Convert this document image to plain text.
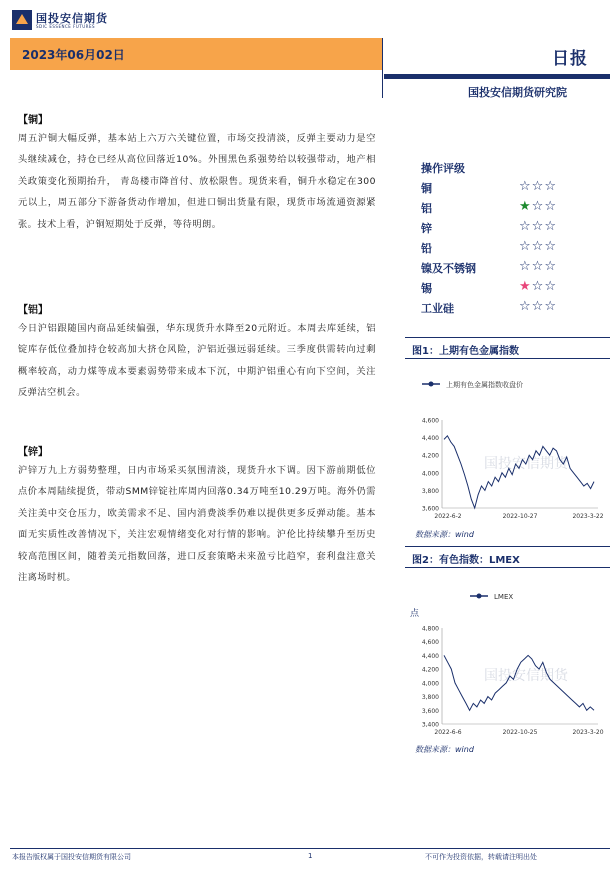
国投安信期货
SDIC ESSENCE FUTURES
2023年06月02日	日报
国投安信期货研究院
【铜】
周五沪铜大幅反弹，基本站上六万六关键位置，市场交投清淡，反弹主要动力是空头继续减仓，持仓已经从高位回落近10%。外围黑色系强势给以较强带动，地产相关政策变化预期抬升， 青岛楼市降首付、放松限售。现货来看，铜升水稳定在300元以上，周五部分下游备货动作增加，但进口铜出货量有限，现货市场流通资源紧张。技术上看，沪铜短期处于反弹，等待明朗。
【铝】
今日沪铝跟随国内商品延续偏强，华东现货升水降至20元附近。本周去库延续，铝锭库存低位叠加持仓较高加大挤仓风险，沪铝近强远弱延续。三季度供需转向过剩概率较高，动力煤等成本要素弱势带来成本下沉，中期沪铝重心有向下空间，关注反弹沽空机会。
【锌】
沪锌万九上方弱势整理，日内市场采买氛围清淡，现货升水下调。因下游前期低位点价本周陆续提货，带动SMM锌锭社库周内回落0.34万吨至10.29万吨。海外仍需关注美中交仓压力，欧美需求不足、国内消费淡季仍难以提供更多反弹动能。基本面无实质性改善情况下，关注宏观情绪变化对行情的影响。沪伦比持续攀升至历史较高范围区间，随着美元指数回落，进口反套策略未来盈亏比趋窄，套利盘注意关注离场时机。
操作评级
铜	☆☆☆
铝	★☆☆
锌	☆☆☆
铅	☆☆☆
镍及不锈钢	☆☆☆
锡	★☆☆
工业硅	☆☆☆
图1：上期有色金属指数
上期有色金属指数收盘价
4,600
4,400
4,200
4,000
3,800
3,600
2022-6-2	2022-10-27	2023-3-22
国投安信期货
数据来源：wind
图2：有色指数：LMEX
LMEX
点
4,800
4,600
4,400
4,200
4,000
3,800
3,600
3,400
2022-6-6	2022-10-25	2023-3-20
国投安信期货
数据来源：wind
本报告版权属于国投安信期货有限公司	1	不可作为投资依据，转载请注明出处
